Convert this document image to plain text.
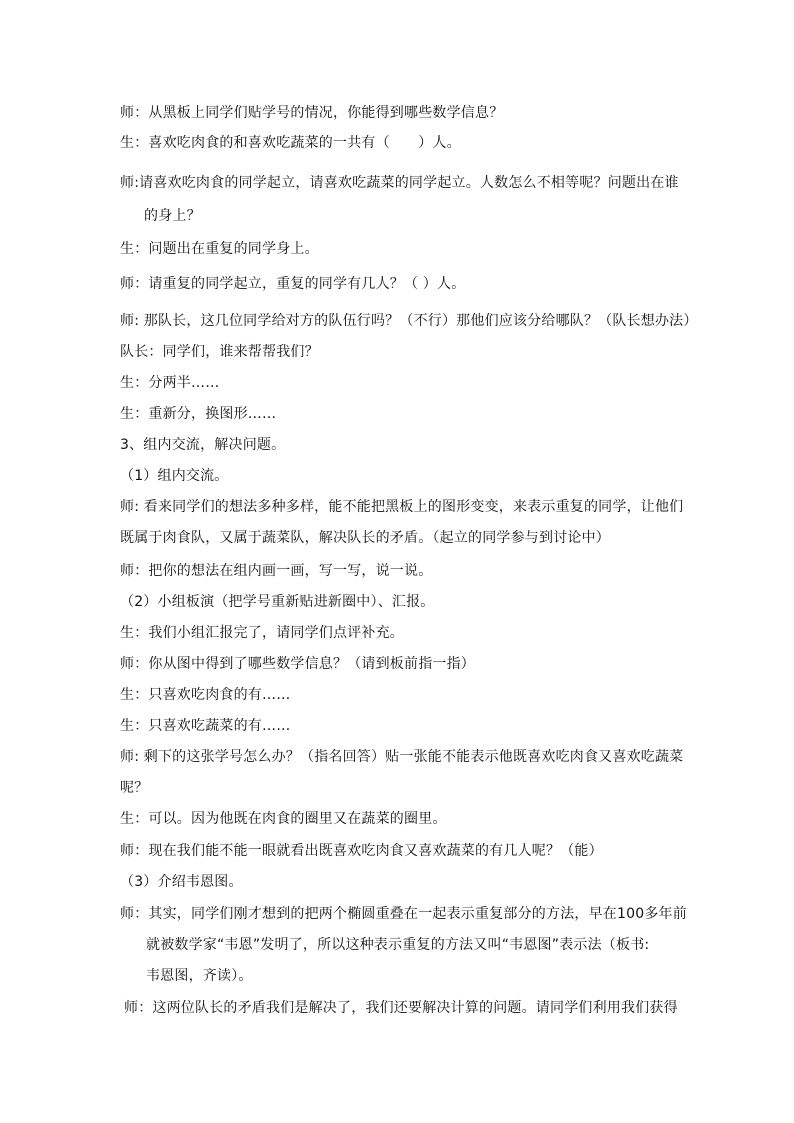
师：从黑板上同学们贴学号的情况，你能得到哪些数学信息？
生：喜欢吃肉食的和喜欢吃蔬菜的一共有（　　）人。
师:请喜欢吃肉食的同学起立，请喜欢吃蔬菜的同学起立。人数怎么不相等呢？问题出在谁
的身上？
生：问题出在重复的同学身上。
师：请重复的同学起立，重复的同学有几人？（ ）人。
师: 那队长，这几位同学给对方的队伍行吗？（不行）那他们应该分给哪队？（队长想办法）
队长：同学们，谁来帮帮我们？
生：分两半……
生：重新分，换图形……
3、组内交流，解决问题。
（1）组内交流。
师: 看来同学们的想法多种多样，能不能把黑板上的图形变变，来表示重复的同学，让他们
既属于肉食队，又属于蔬菜队，解决队长的矛盾。（起立的同学参与到讨论中）
师：把你的想法在组内画一画，写一写，说一说。
（2）小组板演（把学号重新贴进新圈中）、汇报。
生：我们小组汇报完了，请同学们点评补充。
师：你从图中得到了哪些数学信息？（请到板前指一指）
生：只喜欢吃肉食的有……
生：只喜欢吃蔬菜的有……
师: 剩下的这张学号怎么办？（指名回答）贴一张能不能表示他既喜欢吃肉食又喜欢吃蔬菜
呢？
生：可以。因为他既在肉食的圈里又在蔬菜的圈里。
师：现在我们能不能一眼就看出既喜欢吃肉食又喜欢蔬菜的有几人呢？（能）
（3）介绍韦恩图。
师：其实，同学们刚才想到的把两个椭圆重叠在一起表示重复部分的方法，早在100多年前
就被数学家“韦恩”发明了，所以这种表示重复的方法又叫“韦恩图”表示法（板书:
韦恩图，齐读）。
师：这两位队长的矛盾我们是解决了，我们还要解决计算的问题。请同学们利用我们获得
